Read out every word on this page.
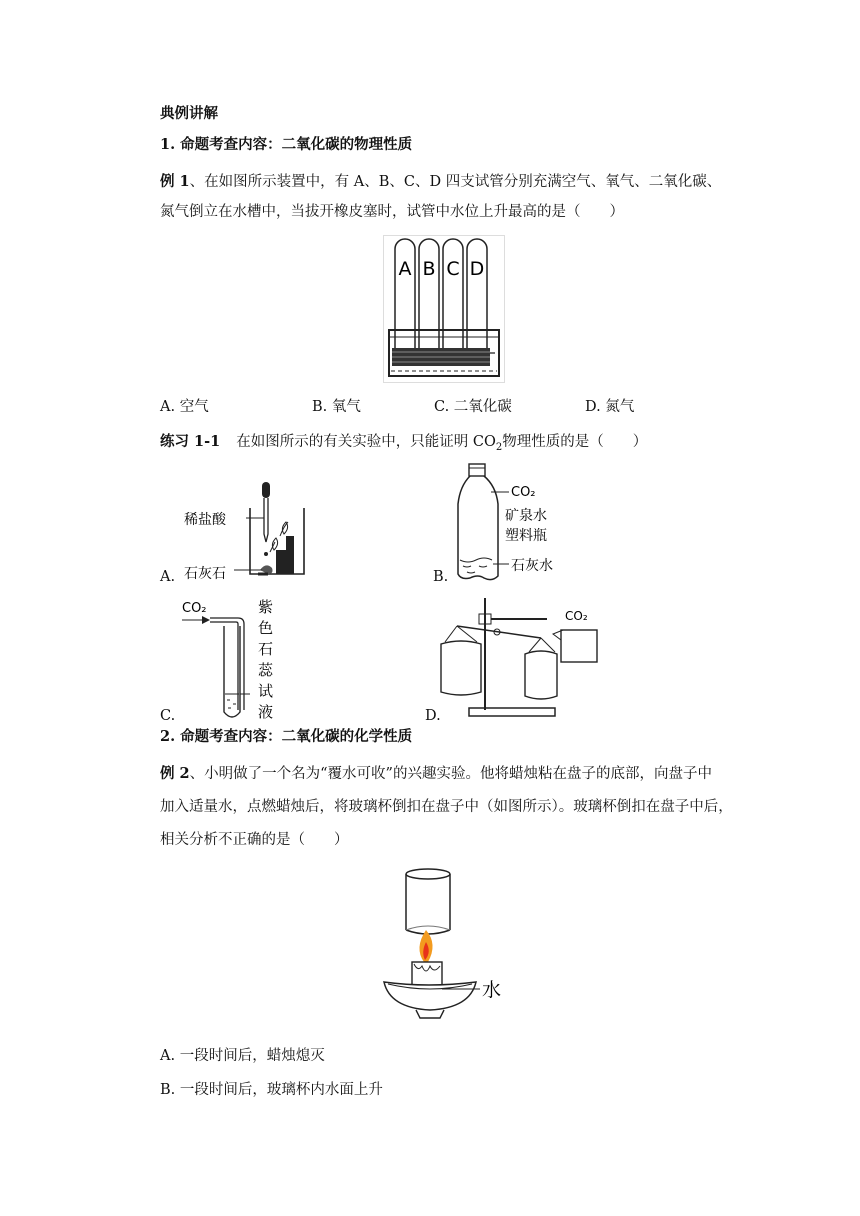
典例讲解
1. 命题考查内容：二氧化碳的物理性质
例 1、在如图所示装置中，有 A、B、C、D 四支试管分别充满空气、氧气、二氧化碳、
氮气倒立在水槽中，当拔开橡皮塞时，试管中水位上升最高的是（　　）
A B C D
A. 空气	B. 氧气	C. 二氧化碳	D. 氮气
练习 1-1 在如图所示的有关实验中，只能证明 $CO_2$物理性质的是（　　）
稀盐酸
石灰石
A.
CO₂
矿泉水
塑料瓶
石灰水
B.
CO₂	紫
色
石
蕊
试
液
C.
CO₂
D.
2. 命题考查内容：二氧化碳的化学性质
例 2、小明做了一个名为“覆水可收”的兴趣实验。他将蜡烛粘在盘子的底部，向盘子中
加入适量水，点燃蜡烛后，将玻璃杯倒扣在盘子中（如图所示）。玻璃杯倒扣在盘子中后，
相关分析不正确的是（　　）
水
A. 一段时间后，蜡烛熄灭
B. 一段时间后，玻璃杯内水面上升
